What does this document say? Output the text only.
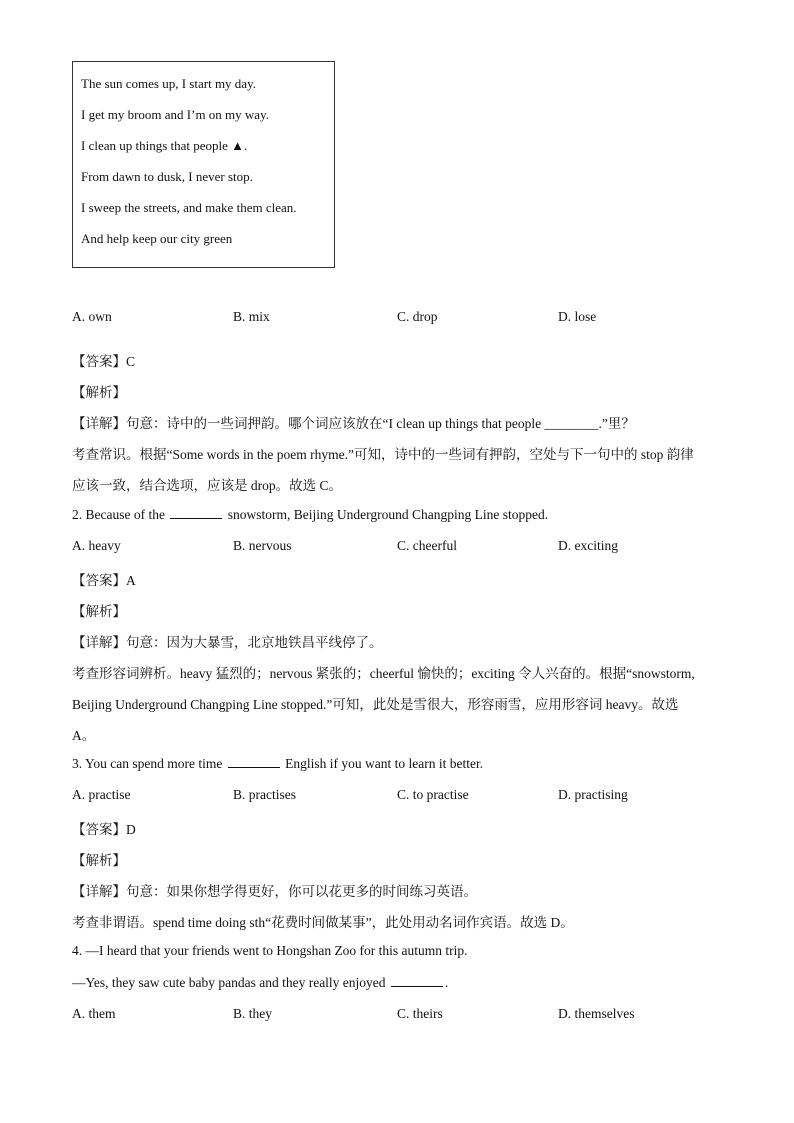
The sun comes up, I start my day.
I get my broom and I’m on my way.
I clean up things that people ▲.
From dawn to dusk, I never stop.
I sweep the streets, and make them clean.
And help keep our city green
A. own	B. mix	C. drop	D. lose
【答案】C
【解析】
【详解】句意：诗中的一些词押韵。哪个词应该放在“I clean up things that people ________.”里？
考查常识。根据“Some words in the poem rhyme.”可知，诗中的一些词有押韵，空处与下一句中的 stop 韵律
应该一致，结合选项，应该是 drop。故选 C。
2. Because of the	snowstorm, Beijing Underground Changping Line stopped.
A. heavy	B. nervous	C. cheerful	D. exciting
【答案】A
【解析】
【详解】句意：因为大暴雪，北京地铁昌平线停了。
考查形容词辨析。heavy 猛烈的；nervous 紧张的；cheerful 愉快的；exciting 令人兴奋的。根据“snowstorm,
Beijing Underground Changping Line stopped.”可知，此处是雪很大，形容雨雪，应用形容词 heavy。故选
A。
3. You can spend more time	English if you want to learn it better.
A. practise	B. practises	C. to practise	D. practising
【答案】D
【解析】
【详解】句意：如果你想学得更好，你可以花更多的时间练习英语。
考查非谓语。spend time doing sth“花费时间做某事”，此处用动名词作宾语。故选 D。
4. —I heard that your friends went to Hongshan Zoo for this autumn trip.
—Yes, they saw cute baby pandas and they really enjoyed	.
A. them	B. they	C. theirs	D. themselves
